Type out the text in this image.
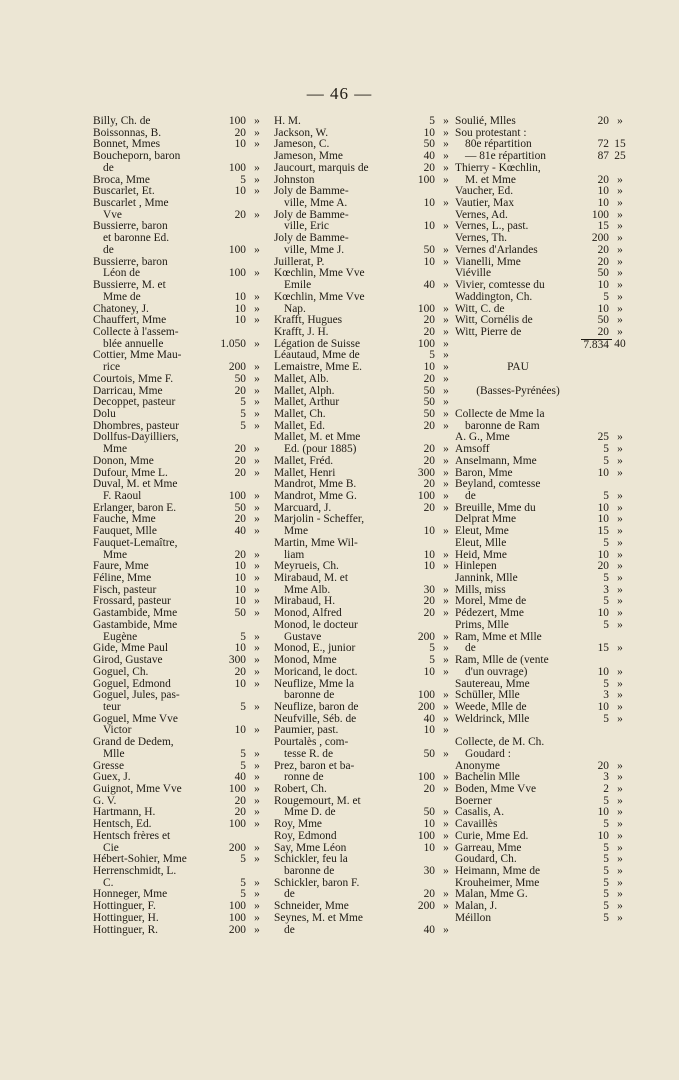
— 46 —
Billy, Ch. de	100 »
Boissonnas, B.	20 »
Bonnet, Mmes	10 »
Boucheporn, baron
de	100 »
Broca, Mme	5 »
Buscarlet, Et.	10 »
Buscarlet , Mme
Vve	20 »
Bussierre, baron
et baronne Ed.
de	100 »
Bussierre, baron
Léon de	100 »
Bussierre, M. et
Mme de	10 »
Chatoney, J.	10 »
Chauffert, Mme	10 »
Collecte à l'assem-
blée annuelle	1.050 »
Cottier, Mme Mau-
rice	200 »
Courtois, Mme F.	50 »
Darricau, Mme	20 »
Decoppet, pasteur	5 »
Dolu	5 »
Dhombres, pasteur	5 »
Dollfus-Dayilliers,
Mme	20 »
Donon, Mme	20 »
Dufour, Mme L.	20 »
Duval, M. et Mme
F. Raoul	100 »
Erlanger, baron E.	50 »
Fauche, Mme	20 »
Fauquet, Mlle	40 »
Fauquet-Lemaître,
Mme	20 »
Faure, Mme	10 »
Féline, Mme	10 »
Fisch, pasteur	10 »
Frossard, pasteur	10 »
Gastambide, Mme	50 »
Gastambide, Mme
Eugène	5 »
Gide, Mme Paul	10 »
Girod, Gustave	300 »
Goguel, Ch.	20 »
Goguel, Edmond	10 »
Goguel, Jules, pas-
teur	5 »
Goguel, Mme Vve
Victor	10 »
Grand de Dedem,
Mlle	5 »
Gresse	5 »
Guex, J.	40 »
Guignot, Mme Vve	100 »
G. V.	20 »
Hartmann, H.	20 »
Hentsch, Ed.	100 »
Hentsch frères et
Cie	200 »
Hébert-Sohier, Mme	5 »
Herrenschmidt, L.
C.	5 »
Honneger, Mme	5 »
Hottinguer, F.	100 »
Hottinguer, H.	100 »
Hottinguer, R.	200 »
H. M.	5 »
Jackson, W.	10 »
Jameson, C.	50 »
Jameson, Mme	40 »
Jaucourt, marquis de	20 »
Johnston	100 »
Joly de Bamme-
ville, Mme A.	10 »
Joly de Bamme-
ville, Eric	10 »
Joly de Bamme-
ville, Mme J.	50 »
Juillerat, P.	10 »
Kœchlin, Mme Vve
Emile	40 »
Kœchlin, Mme Vve
Nap.	100 »
Krafft, Hugues	20 »
Krafft, J. H.	20 »
Légation de Suisse	100 »
Léautaud, Mme de	5 »
Lemaistre, Mme E.	10 »
Mallet, Alb.	20 »
Mallet, Alph.	50 »
Mallet, Arthur	50 »
Mallet, Ch.	50 »
Mallet, Ed.	20 »
Mallet, M. et Mme
Ed. (pour 1885)	20 »
Mallet, Fréd.	20 »
Mallet, Henri	300 »
Mandrot, Mme B.	20 »
Mandrot, Mme G.	100 »
Marcuard, J.	20 »
Marjolin - Scheffer,
Mme	10 »
Martin, Mme Wil-
liam	10 »
Meyrueis, Ch.	10 »
Mirabaud, M. et
Mme Alb.	30 »
Mirabaud, H.	20 »
Monod, Alfred	20 »
Monod, le docteur
Gustave	200 »
Monod, E., junior	5 »
Monod, Mme	5 »
Moricand, le doct.	10 »
Neuflize, Mme la
baronne de	100 »
Neuflize, baron de	200 »
Neufville, Séb. de	40 »
Paumier, past.	10 »
Pourtalès , com-
tesse R. de	50 »
Prez, baron et ba-
ronne de	100 »
Robert, Ch.	20 »
Rougemourt, M. et
Mme D. de	50 »
Roy, Mme	10 »
Roy, Edmond	100 »
Say, Mme Léon	10 »
Schickler, feu la
baronne de	30 »
Schickler, baron F.
de	20 »
Schneider, Mme	200 »
Seynes, M. et Mme
de	40 »
Soulié, Mlles	20 »
Sou protestant :
80e répartition	72 15
— 81e répartition	87 25
Thierry - Kœchlin,
M. et Mme	20 »
Vaucher, Ed.	10 »
Vautier, Max	10 »
Vernes, Ad.	100 »
Vernes, L., past.	15 »
Vernes, Th.	200 »
Vernes d'Arlandes	20 »
Vianelli, Mme	20 »
Viéville	50 »
Vivier, comtesse du	10 »
Waddington, Ch.	5 »
Witt, C. de	10 »
Witt, Cornélis de	50 »
Witt, Pierre de	20 »
7.834 40
PAU
(Basses-Pyrénées)
Collecte de Mme la
baronne de Ram
A. G., Mme	25 »
Amsoff	5 »
Anselmann, Mme	5 »
Baron, Mme	10 »
Beyland, comtesse
de	5 »
Breuille, Mme du	10 »
Delprat Mme	10 »
Eleut, Mme	15 »
Eleut, Mlle	5 »
Heid, Mme	10 »
Hinlepen	20 »
Jannink, Mlle	5 »
Mills, miss	3 »
Morel, Mme de	5 »
Pédezert, Mme	10 »
Prims, Mlle	5 »
Ram, Mme et Mlle
de	15 »
Ram, Mlle de (vente
d'un ouvrage)	10 »
Sautereau, Mme	5 »
Schüller, Mlle	3 »
Weede, Mlle de	10 »
Weldrinck, Mlle	5 »
Collecte, de M. Ch.
Goudard :
Anonyme	20 »
Bachelin Mlle	3 »
Boden, Mme Vve	2 »
Boerner	5 »
Casalis, A.	10 »
Cavaillès	5 »
Curie, Mme Ed.	10 »
Garreau, Mme	5 »
Goudard, Ch.	5 »
Heimann, Mme de	5 »
Krouheimer, Mme	5 »
Malan, Mme G.	5 »
Malan, J.	5 »
Méillon	5 »
